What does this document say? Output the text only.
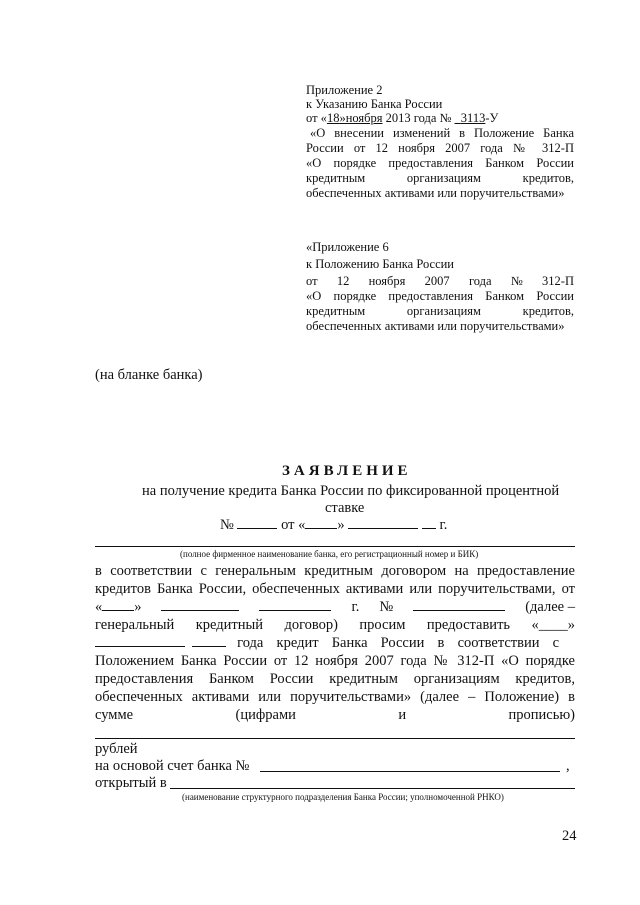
Приложение 2
к Указанию Банка России
от «18»ноября 2013 года № 3113-У
«О внесении изменений в Положение Банка
России от 12 ноября 2007 года № 312-П
«О порядке предоставления Банком России
кредитным	организациям	кредитов,
обеспеченных активами или поручительствами»
«Приложение 6
к Положению Банка России
от 12 ноября 2007 года № 312-П
«О порядке предоставления Банком России
кредитным	организациям	кредитов,
обеспеченных активами или поручительствами»
(на бланке банка)
ЗАЯВЛЕНИЕ
на получение кредита Банка России по фиксированной процентной
ставке
№	от « »	г.
(полное фирменное наименование банка, его регистрационный номер и БИК)
в соответствии с генеральным кредитным договором на предоставление
кредитов Банка России, обеспеченных активами или поручительствами, от
« »	г. №	(далее –
генеральный кредитный договор) просим предоставить «____»
года кредит Банка России в соответствии с
Положением Банка России от 12 ноября 2007 года № 312-П «О порядке
предоставления Банком России кредитным организациям кредитов,
обеспеченных активами или поручительствами» (далее – Положение) в
сумме	(цифрами	и	прописью)
рублей
на основой счет банка №	,
открытый в
(наименование структурного подразделения Банка России; уполномоченной РНКО)
24
